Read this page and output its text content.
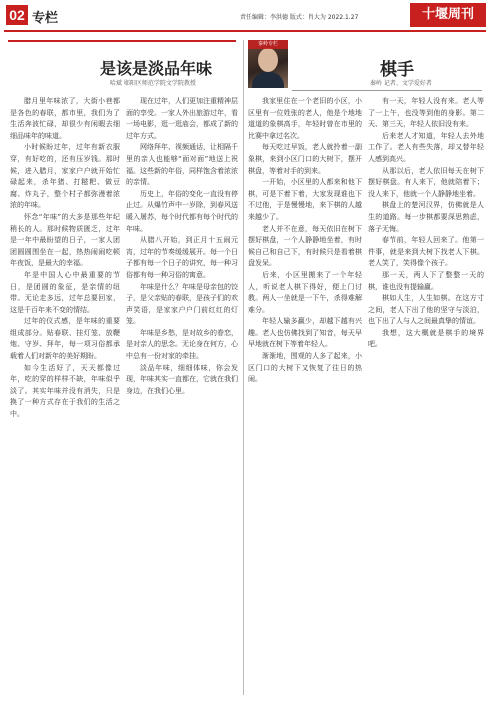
02 专栏	责任编辑：李洪德 版式：肖大为 2022.1.27	十堰周刊
是该是淡品年味
哈斌 郧阳区师范学院文学院教授

腊月里年味浓了，大街小巷都是各色的春联，都市里，我们为了生活奔波忙碌，却很少有闲暇去细细品味年的味道。

小时候盼过年，过年有新衣服穿，有好吃的，还有压岁钱。那时候，进入腊月，家家户户就开始忙碌起来，杀年猪、打糍粑、做豆腐、炸丸子，整个村子都弥漫着浓浓的年味。

怀念“年味”的大多是那些年纪稍长的人。那时候物质匮乏，过年是一年中最盼望的日子，一家人团团圆圆围坐在一起，热热闹闹吃顿年夜饭，是最大的幸福。

年是中国人心中最重要的节日，是团圆的象征，是亲情的纽带。无论走多远，过年总要回家，这是千百年来不变的情结。

过年的仪式感，是年味的重要组成部分。贴春联、挂灯笼、放鞭炮、守岁、拜年，每一项习俗都承载着人们对新年的美好期盼。

如今生活好了，天天都像过年，吃的穿的样样不缺，年味似乎淡了。其实年味并没有消失，只是换了一种方式存在于我们的生活之中。

现在过年，人们更加注重精神层面的享受。一家人外出旅游过年，看一场电影，逛一逛庙会，都成了新的过年方式。

网络拜年、视频通话，让相隔千里的亲人也能够“面对面”地送上祝福。这些新的年俗，同样饱含着浓浓的亲情。

历史上，年俗的变化一直没有停止过。从爆竹声中一岁除，到春风送暖入屠苏，每个时代都有每个时代的年味。

从腊八开始，到正月十五闹元宵，过年的节奏缓缓展开。每一个日子都有每一个日子的讲究，每一种习俗都有每一种习俗的寓意。

年味是什么？年味是母亲包的饺子，是父亲贴的春联，是孩子们的欢声笑语，是家家户户门前红红的灯笼。

年味是乡愁，是对故乡的眷恋，是对亲人的思念。无论身在何方，心中总有一份对家的牵挂。

淡品年味，细细体味，你会发现，年味其实一直都在，它就在我们身边，在我们心里。

秦岭专栏
棋手
秦岭 记者、文学爱好者

我家里住在一个老旧的小区，小区里有一位姓张的老人，他是个地地道道的象棋高手，年轻时曾在市里的比赛中拿过名次。

每天吃过早饭，老人就拎着一副象棋，来到小区门口的大树下，摆开棋盘，等着对手的到来。

一开始，小区里的人都来和他下棋，可是下着下着，大家发现谁也下不过他，于是慢慢地，来下棋的人越来越少了。

老人并不在意，每天依旧在树下摆好棋盘，一个人静静地坐着，有时候自己和自己下，有时候只是看着棋盘发呆。

后来，小区里搬来了一个年轻人，听说老人棋下得好，便上门讨教。两人一坐就是一下午，杀得难解难分。

年轻人输多赢少，却越下越有兴趣。老人也仿佛找到了知音，每天早早地就在树下等着年轻人。

渐渐地，围观的人多了起来，小区门口的大树下又恢复了往日的热闹。

有一天，年轻人没有来。老人等了一上午，也没等到他的身影。第二天、第三天，年轻人依旧没有来。

后来老人才知道，年轻人去外地工作了。老人有些失落，却又替年轻人感到高兴。

从那以后，老人依旧每天在树下摆好棋盘。有人来下，他就陪着下；没人来下，他就一个人静静地坐着。

棋盘上的楚河汉界，仿佛就是人生的道路。每一步棋都要深思熟虑，落子无悔。

春节前，年轻人回来了。他第一件事，就是来到大树下找老人下棋。老人笑了，笑得像个孩子。

那一天，两人下了整整一天的棋，谁也没有提输赢。

棋如人生，人生如棋。在这方寸之间，老人下出了他的坚守与淡泊，也下出了人与人之间最真挚的情谊。

我想，这大概就是棋手的境界吧。
